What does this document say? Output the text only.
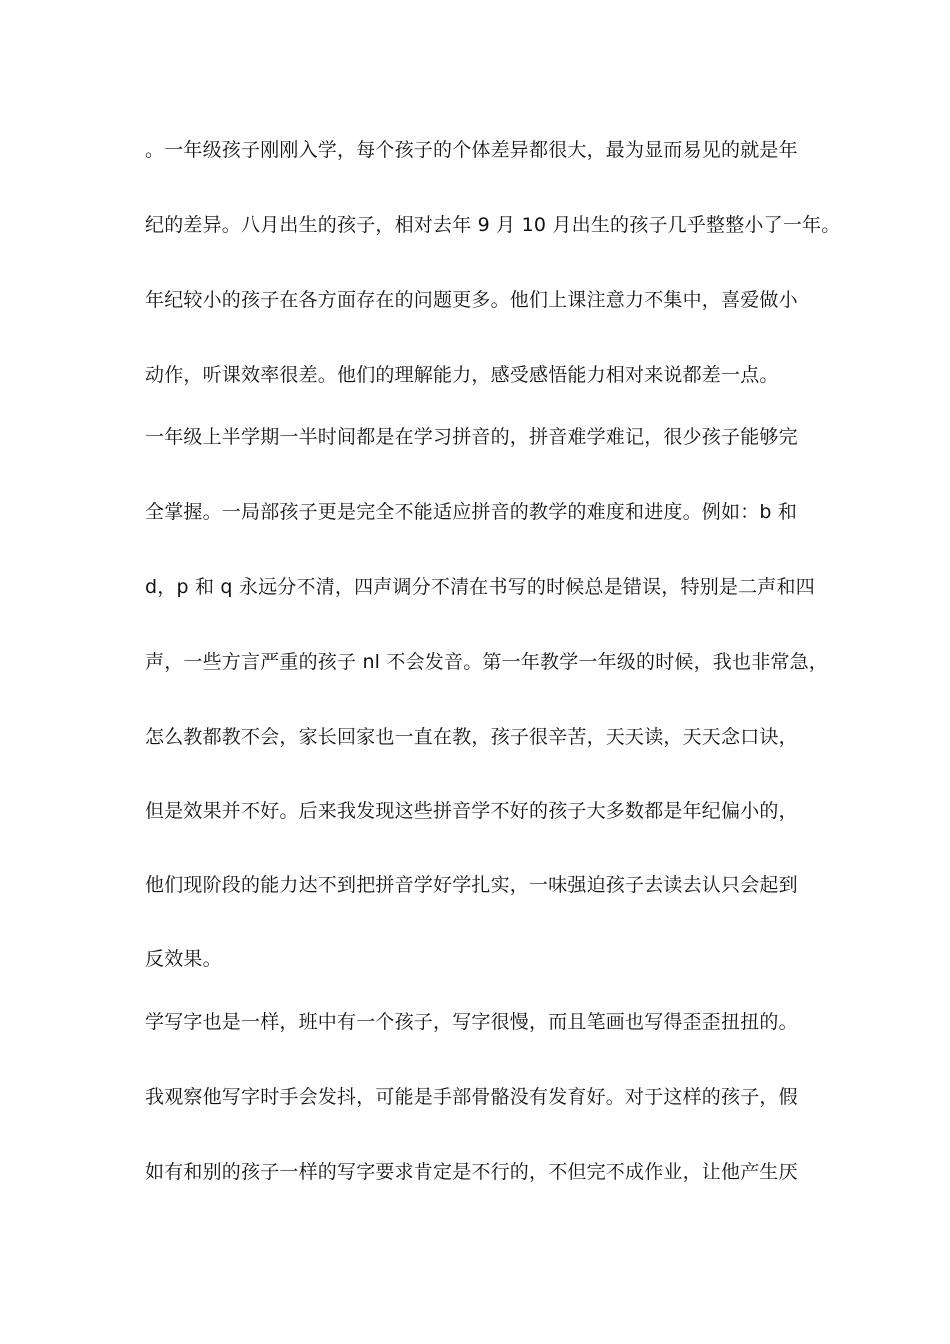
。一年级孩子刚刚入学，每个孩子的个体差异都很大，最为显而易见的就是年
纪的差异。八月出生的孩子，相对去年 9 月 10 月出生的孩子几乎整整小了一年。
年纪较小的孩子在各方面存在的问题更多。他们上课注意力不集中，喜爱做小
动作，听课效率很差。他们的理解能力，感受感悟能力相对来说都差一点。
一年级上半学期一半时间都是在学习拼音的，拼音难学难记，很少孩子能够完
全掌握。一局部孩子更是完全不能适应拼音的教学的难度和进度。例如：b 和
d，p 和 q 永远分不清，四声调分不清在书写的时候总是错误，特别是二声和四
声，一些方言严重的孩子 nl 不会发音。第一年教学一年级的时候，我也非常急，
怎么教都教不会，家长回家也一直在教，孩子很辛苦，天天读，天天念口诀，
但是效果并不好。后来我发现这些拼音学不好的孩子大多数都是年纪偏小的，
他们现阶段的能力达不到把拼音学好学扎实，一味强迫孩子去读去认只会起到
反效果。
学写字也是一样，班中有一个孩子，写字很慢，而且笔画也写得歪歪扭扭的。
我观察他写字时手会发抖，可能是手部骨骼没有发育好。对于这样的孩子，假
如有和别的孩子一样的写字要求肯定是不行的，不但完不成作业，让他产生厌
